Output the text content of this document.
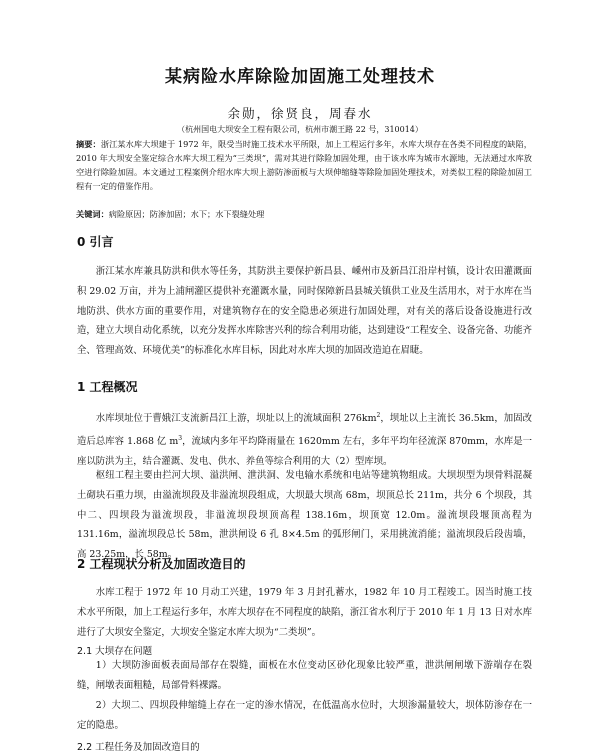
某病险水库除险加固施工处理技术
余勋，徐贤良，周春水
（杭州国电大坝安全工程有限公司，杭州市潮王路 22 号，310014）
摘要：浙江某水库大坝建于 1972 年，限受当时施工技术水平所限，加上工程运行多年，水库大坝存在各类不同程度的缺陷，2010 年大坝安全鉴定综合水库大坝工程为“三类坝”，需对其进行除险加固处理，由于该水库为城市水源地，无法通过水库放空进行除险加固。本文通过工程案例介绍水库大坝上游防渗面板与大坝伸缩缝等除险加固处理技术，对类似工程的除险加固工程有一定的借鉴作用。
关键词：病险原因；防渗加固；水下；水下裂缝处理
0 引言
浙江某水库兼具防洪和供水等任务，其防洪主要保护新昌县、嵊州市及新昌江沿岸村镇，设计农田灌溉面积 29.02 万亩，并为上浦闸灌区提供补充灌溉水量，同时保障新昌县城关镇供工业及生活用水，对于水库在当地防洪、供水方面的重要作用，对建筑物存在的安全隐患必须进行加固处理，对有关的落后设备设施进行改造，建立大坝自动化系统，以充分发挥水库除害兴利的综合利用功能，达到建设“工程安全、设备完备、功能齐全、管理高效、环境优美”的标准化水库目标，因此对水库大坝的加固改造迫在眉睫。
1 工程概况
水库坝址位于曹娥江支流新昌江上游，坝址以上的流域面积 $276km^2$，坝址以上主流长 36.5km，加固改造后总库容 1.868 亿 $m^3$，流域内多年平均降雨量在 1620mm 左右，多年平均年径流深 870mm，水库是一座以防洪为主，结合灌溉、发电、供水、养鱼等综合利用的大（2）型库坝。
枢纽工程主要由拦河大坝、溢洪闸、泄洪洞、发电输水系统和电站等建筑物组成。大坝坝型为坝骨料混凝土砌块石重力坝，由溢流坝段及非溢流坝段组成，大坝最大坝高 68m，坝顶总长 211m，共分 6 个坝段，其中二、四坝段为溢流坝段，非溢流坝段坝顶高程 138.16m，坝顶宽 12.0m。溢流坝段堰顶高程为 131.16m，溢流坝段总长 58m，泄洪闸设 6 孔 8×4.5m 的弧形闸门，采用挑流消能；溢流坝段后段齿墙，高 23.25m，长 58m。
2 工程现状分析及加固改造目的
水库工程于 1972 年 10 月动工兴建，1979 年 3 月封孔蓄水，1982 年 10 月工程竣工。因当时施工技术水平所限，加上工程运行多年，水库大坝存在不同程度的缺陷，浙江省水利厅于 2010 年 1 月 13 日对水库进行了大坝安全鉴定，大坝安全鉴定水库大坝为“二类坝”。
2.1 大坝存在问题
1）大坝防渗面板表面局部存在裂缝，面板在水位变动区砂化现象比较严重，泄洪闸闸墩下游端存在裂缝，闸墩表面粗糙，局部骨料裸露。
2）大坝二、四坝段伸缩缝上存在一定的渗水情况，在低温高水位时，大坝渗漏量较大，坝体防渗存在一定的隐患。
2.2 工程任务及加固改造目的
